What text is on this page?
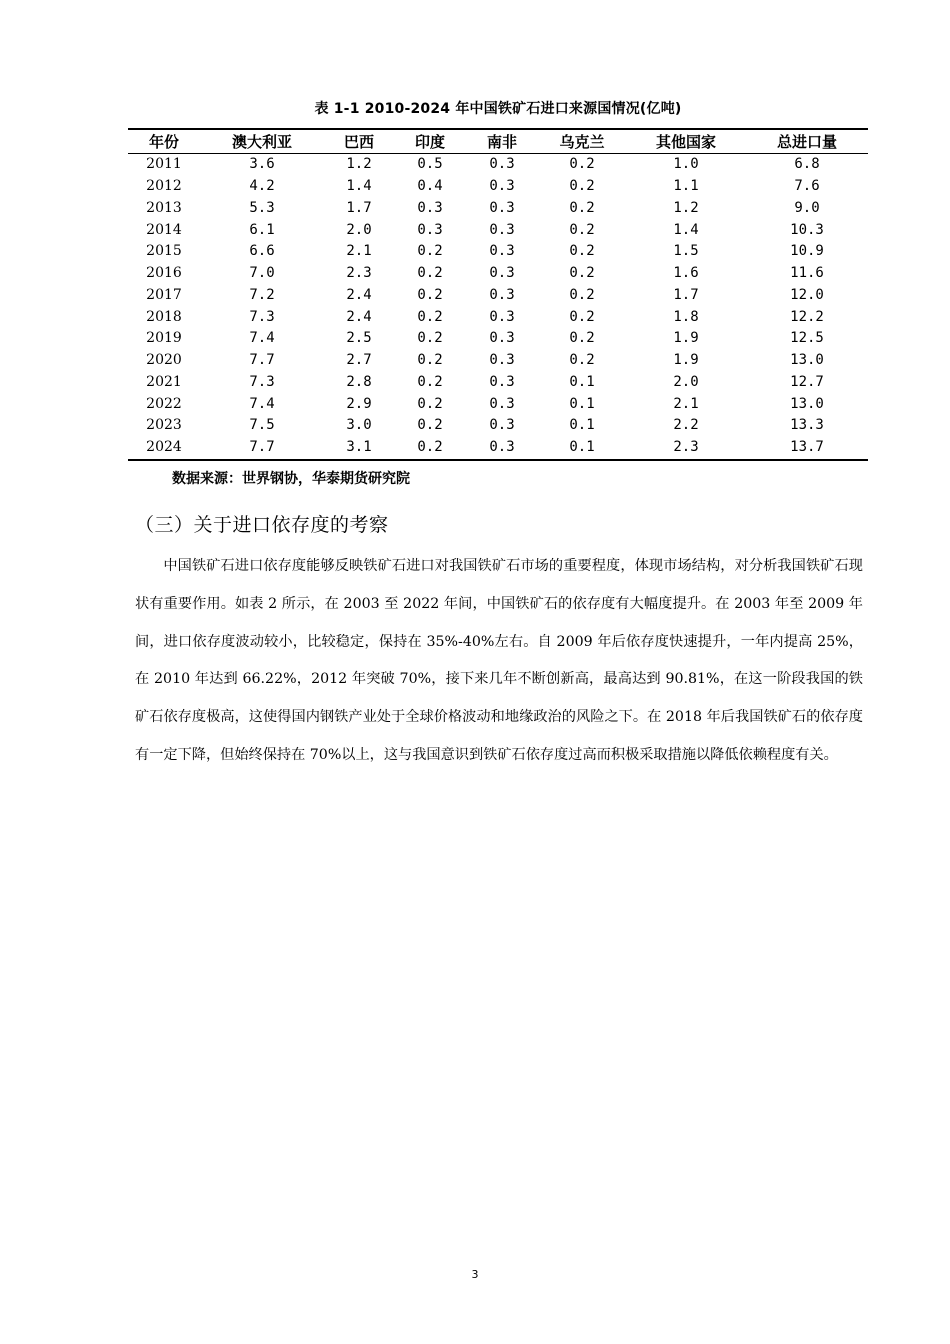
表 1-1 2010-2024 年中国铁矿石进口来源国情况(亿吨)
年份	澳大利亚	巴西	印度	南非	乌克兰	其他国家	总进口量
2011	3.6	1.2	0.5	0.3	0.2	1.0	6.8
2012	4.2	1.4	0.4	0.3	0.2	1.1	7.6
2013	5.3	1.7	0.3	0.3	0.2	1.2	9.0
2014	6.1	2.0	0.3	0.3	0.2	1.4	10.3
2015	6.6	2.1	0.2	0.3	0.2	1.5	10.9
2016	7.0	2.3	0.2	0.3	0.2	1.6	11.6
2017	7.2	2.4	0.2	0.3	0.2	1.7	12.0
2018	7.3	2.4	0.2	0.3	0.2	1.8	12.2
2019	7.4	2.5	0.2	0.3	0.2	1.9	12.5
2020	7.7	2.7	0.2	0.3	0.2	1.9	13.0
2021	7.3	2.8	0.2	0.3	0.1	2.0	12.7
2022	7.4	2.9	0.2	0.3	0.1	2.1	13.0
2023	7.5	3.0	0.2	0.3	0.1	2.2	13.3
2024	7.7	3.1	0.2	0.3	0.1	2.3	13.7
数据来源：世界钢协，华泰期货研究院
（三）关于进口依存度的考察

中国铁矿石进口依存度能够反映铁矿石进口对我国铁矿石市场的重要程度，体现市场结构，对分析我国铁矿石现状有重要作用。如表 2 所示，在 2003 至 2022 年间，中国铁矿石的依存度有大幅度提升。在 2003 年至 2009 年间，进口依存度波动较小，比较稳定，保持在 35%-40%左右。自 2009 年后依存度快速提升，一年内提高 25%，在 2010 年达到 66.22%，2012 年突破 70%，接下来几年不断创新高，最高达到 90.81%，在这一阶段我国的铁矿石依存度极高，这使得国内钢铁产业处于全球价格波动和地缘政治的风险之下。在 2018 年后我国铁矿石的依存度有一定下降，但始终保持在 70%以上，这与我国意识到铁矿石依存度过高而积极采取措施以降低依赖程度有关。

3
